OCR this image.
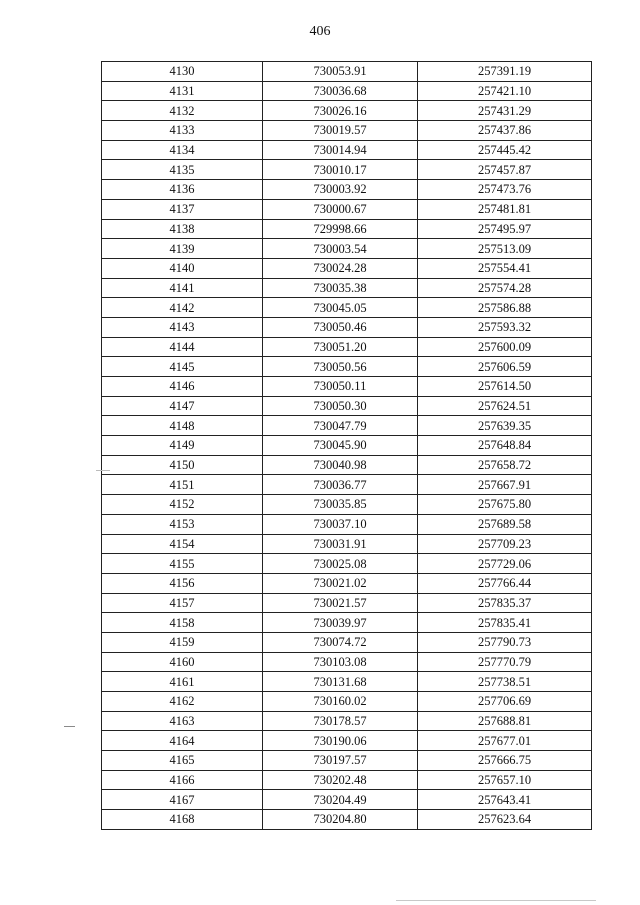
406
4130	730053.91	257391.19
4131	730036.68	257421.10
4132	730026.16	257431.29
4133	730019.57	257437.86
4134	730014.94	257445.42
4135	730010.17	257457.87
4136	730003.92	257473.76
4137	730000.67	257481.81
4138	729998.66	257495.97
4139	730003.54	257513.09
4140	730024.28	257554.41
4141	730035.38	257574.28
4142	730045.05	257586.88
4143	730050.46	257593.32
4144	730051.20	257600.09
4145	730050.56	257606.59
4146	730050.11	257614.50
4147	730050.30	257624.51
4148	730047.79	257639.35
4149	730045.90	257648.84
4150	730040.98	257658.72
4151	730036.77	257667.91
4152	730035.85	257675.80
4153	730037.10	257689.58
4154	730031.91	257709.23
4155	730025.08	257729.06
4156	730021.02	257766.44
4157	730021.57	257835.37
4158	730039.97	257835.41
4159	730074.72	257790.73
4160	730103.08	257770.79
4161	730131.68	257738.51
4162	730160.02	257706.69
4163	730178.57	257688.81
4164	730190.06	257677.01
4165	730197.57	257666.75
4166	730202.48	257657.10
4167	730204.49	257643.41
4168	730204.80	257623.64
